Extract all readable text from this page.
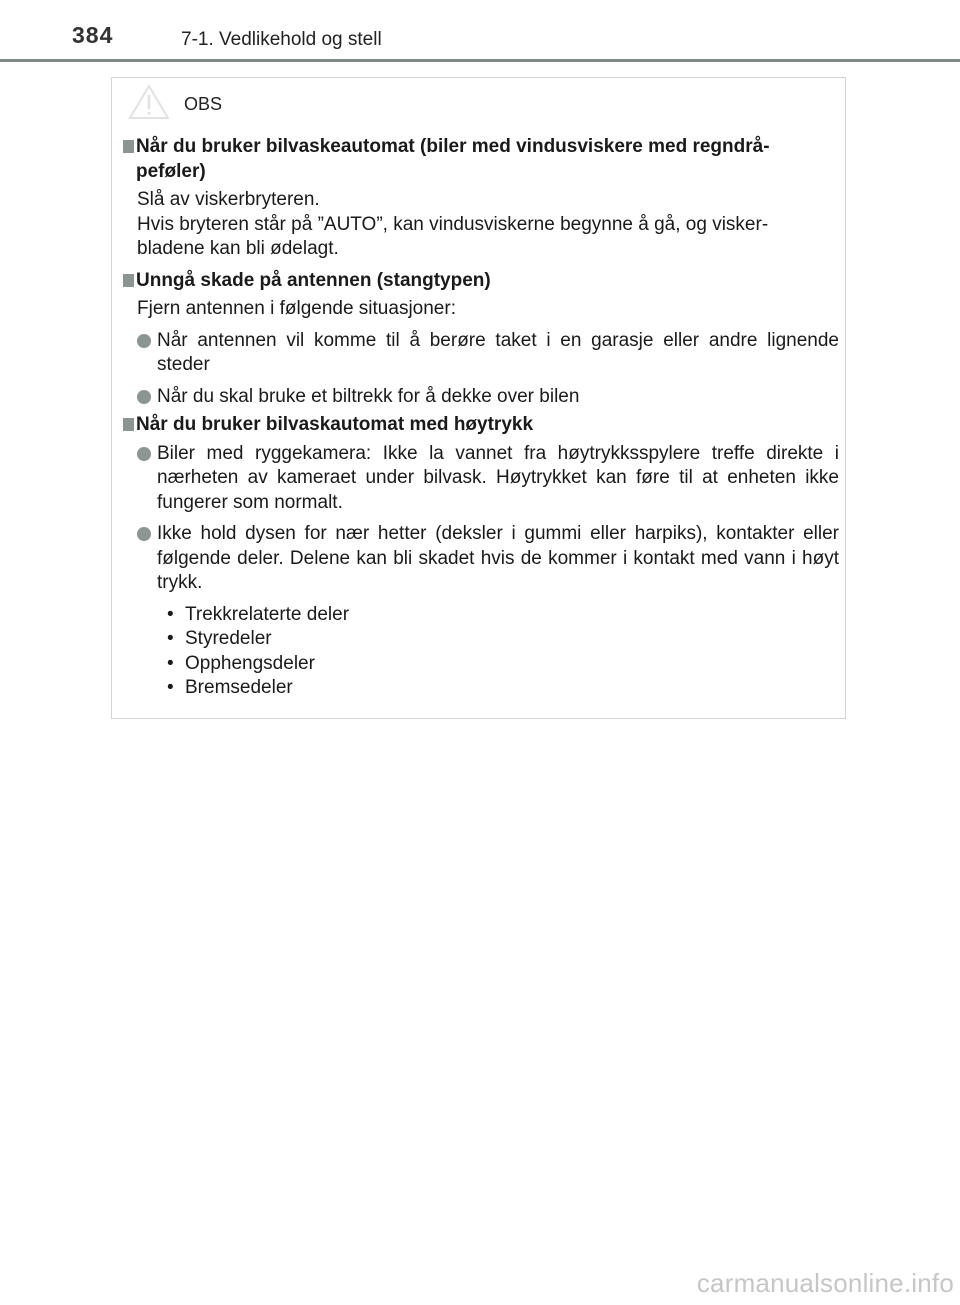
384	7-1. Vedlikehold og stell
OBS
Når du bruker bilvaskeautomat (biler med vindusviskere med regndrå-
peføler)
Slå av viskerbryteren.
Hvis bryteren står på ”AUTO”, kan vindusviskerne begynne å gå, og visker-
bladene kan bli ødelagt.
Unngå skade på antennen (stangtypen)
Fjern antennen i følgende situasjoner:
Når antennen vil komme til å berøre taket i en garasje eller andre lignende steder
Når du skal bruke et biltrekk for å dekke over bilen
Når du bruker bilvaskautomat med høytrykk
Biler med ryggekamera: Ikke la vannet fra høytrykksspylere treffe direkte i nærheten av kameraet under bilvask. Høytrykket kan føre til at enheten ikke fungerer som normalt.
Ikke hold dysen for nær hetter (deksler i gummi eller harpiks), kontakter eller følgende deler. Delene kan bli skadet hvis de kommer i kontakt med vann i høyt trykk.
• Trekkrelaterte deler
• Styredeler
• Opphengsdeler
• Bremsedeler
carmanualsonline.info
